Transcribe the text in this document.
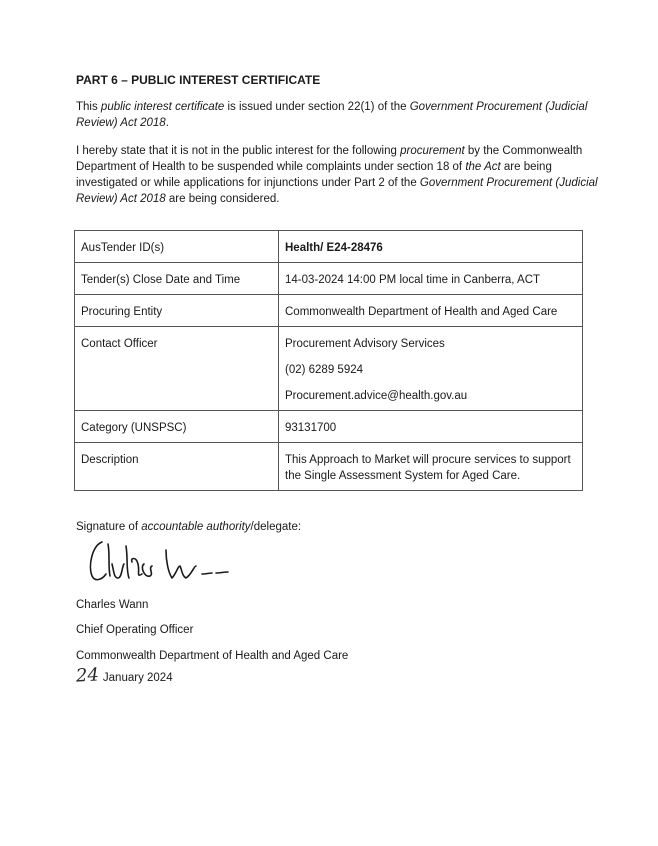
PART 6 – PUBLIC INTEREST CERTIFICATE

This public interest certificate is issued under section 22(1) of the Government Procurement (Judicial Review) Act 2018.

I hereby state that it is not in the public interest for the following procurement by the Commonwealth Department of Health to be suspended while complaints under section 18 of the Act are being investigated or while applications for injunctions under Part 2 of the Government Procurement (Judicial Review) Act 2018 are being considered.

AusTender ID(s)	Health/ E24-28476
Tender(s) Close Date and Time	14-03-2024 14:00 PM local time in Canberra, ACT
Procuring Entity	Commonwealth Department of Health and Aged Care
Contact Officer	Procurement Advisory Services
(02) 6289 5924
Procurement.advice@health.gov.au

Category (UNSPSC)	93131700
Description	This Approach to Market will procure services to support the Single Assessment System for Aged Care.

Signature of accountable authority/delegate:

Charles Wann

Chief Operating Officer

Commonwealth Department of Health and Aged Care

24 January 2024
